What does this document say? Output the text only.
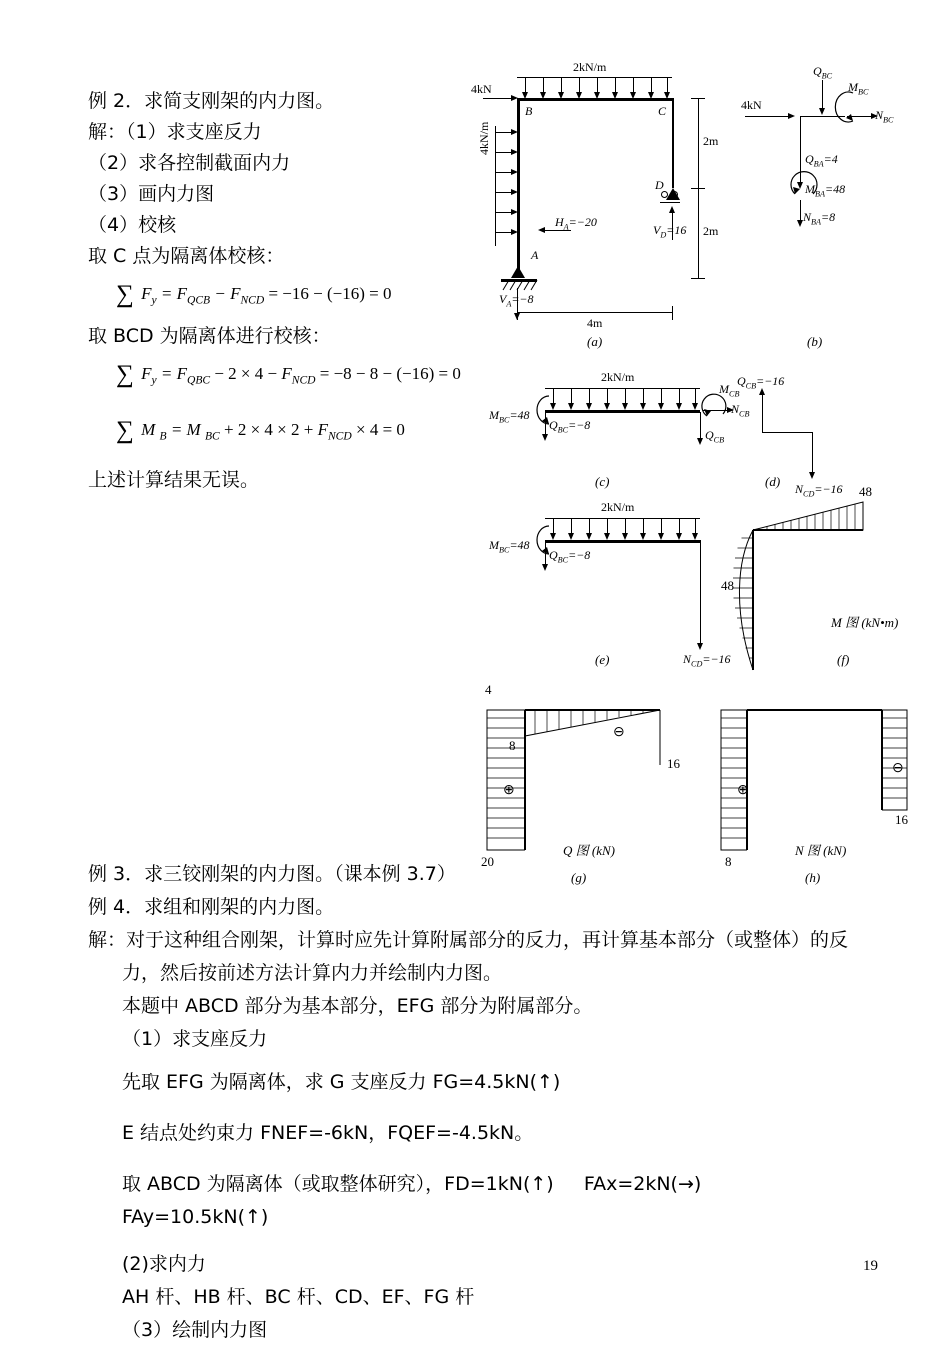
例 2．求简支刚架的内力图。
解：（1）求支座反力
（2）求各控制截面内力
（3）画内力图
（4）校核
取 C 点为隔离体校核：
∑ $F_y = F_{QCB} - F_{NCD} = -16 - (-16) = 0$
取 BCD 为隔离体进行校核：
∑ $F_y = F_{QBC} - 2 \times 4 - F_{NCD} = -8 - 8 - (-16) = 0$
∑ M $_B$ = M $_{BC} + 2 \times 4 \times 2 + F_{NCD} \times 4 = 0$
上述计算结果无误。
2kN/m
4kN
4kN/m
B	C
D
A
$H_A=-20$
$V_D=16$
$V_A=-8$
2m
2m
4m
(a)
4kN
$Q_{BC}$
$M_{BC}$
$N_{BC}$
$Q_{BA}=4$
$M_{BA}=48$
$N_{BA}=8$
(b)
2kN/m
$M_{BC}=48$
$Q_{BC}=-8$
$M_{CB}$
$N_{CB}$
$Q_{CB}$
(c)
$Q_{CB}=-16$
$N_{CD}=-16$
(d)
2kN/m
$M_{BC}=48$
$Q_{BC}=-8$
$N_{CD}=-16$
(e)
48
48
M 图 (kN•m)
(f)
4
8
16
20
⊕
⊖
Q 图 (kN)
(g)
8
16
⊕
⊖
N 图 (kN)
(h)
例 3．求三铰刚架的内力图。（课本例 3.7）
例 4．求组和刚架的内力图。
解：对于这种组合刚架，计算时应先计算附属部分的反力，再计算基本部分（或整体）的反
力，然后按前述方法计算内力并绘制内力图。
本题中 ABCD 部分为基本部分，EFG 部分为附属部分。
（1）求支座反力
先取 EFG 为隔离体，求 G 支座反力 FG=4.5kN(↑)
E 结点处约束力 FNEF=-6kN，FQEF=-4.5kN。
取 ABCD 为隔离体（或取整体研究），FD=1kN(↑)     FAx=2kN(→)        FAy=10.5kN(↑)
(2)求内力
AH 杆、HB 杆、BC 杆、CD、EF、FG 杆
（3）绘制内力图
19
